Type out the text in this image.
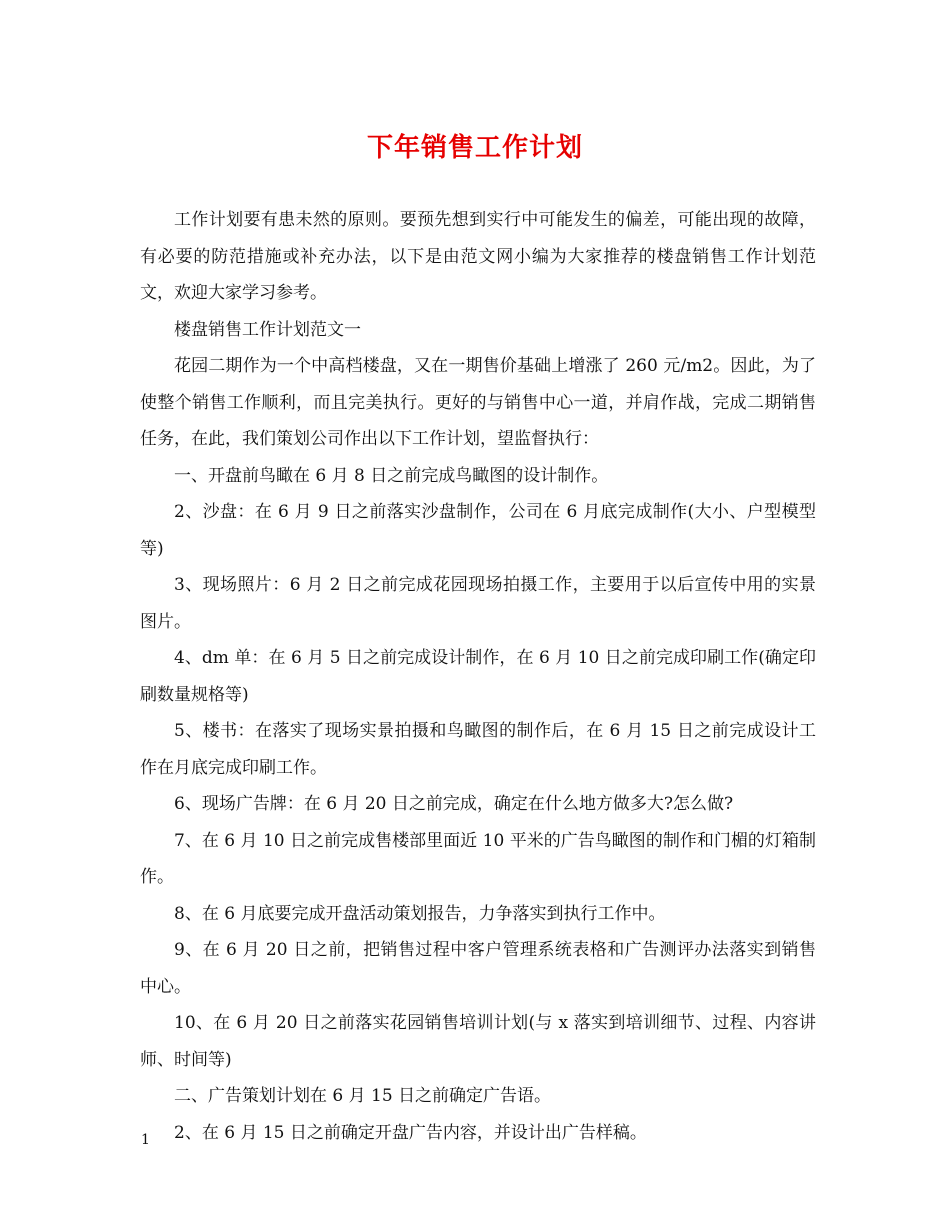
下年销售工作计划

工作计划要有患未然的原则。要预先想到实行中可能发生的偏差，可能出现的故障，有必要的防范措施或补充办法，以下是由范文网小编为大家推荐的楼盘销售工作计划范文，欢迎大家学习参考。

楼盘销售工作计划范文一

花园二期作为一个中高档楼盘，又在一期售价基础上增涨了 260 元/m2。因此，为了使整个销售工作顺利，而且完美执行。更好的与销售中心一道，并肩作战，完成二期销售任务，在此，我们策划公司作出以下工作计划，望监督执行：

一、开盘前鸟瞰在 6 月 8 日之前完成鸟瞰图的设计制作。

2、沙盘：在 6 月 9 日之前落实沙盘制作，公司在 6 月底完成制作(大小、户型模型等)

3、现场照片：6 月 2 日之前完成花园现场拍摄工作，主要用于以后宣传中用的实景图片。

4、dm 单：在 6 月 5 日之前完成设计制作，在 6 月 10 日之前完成印刷工作(确定印刷数量规格等)

5、楼书：在落实了现场实景拍摄和鸟瞰图的制作后，在 6 月 15 日之前完成设计工作在月底完成印刷工作。

6、现场广告牌：在 6 月 20 日之前完成，确定在什么地方做多大?怎么做?

7、在 6 月 10 日之前完成售楼部里面近 10 平米的广告鸟瞰图的制作和门楣的灯箱制作。

8、在 6 月底要完成开盘活动策划报告，力争落实到执行工作中。

9、在 6 月 20 日之前，把销售过程中客户管理系统表格和广告测评办法落实到销售中心。

10、在 6 月 20 日之前落实花园销售培训计划(与 x 落实到培训细节、过程、内容讲师、时间等)

二、广告策划计划在 6 月 15 日之前确定广告语。

2、在 6 月 15 日之前确定开盘广告内容，并设计出广告样稿。

1
